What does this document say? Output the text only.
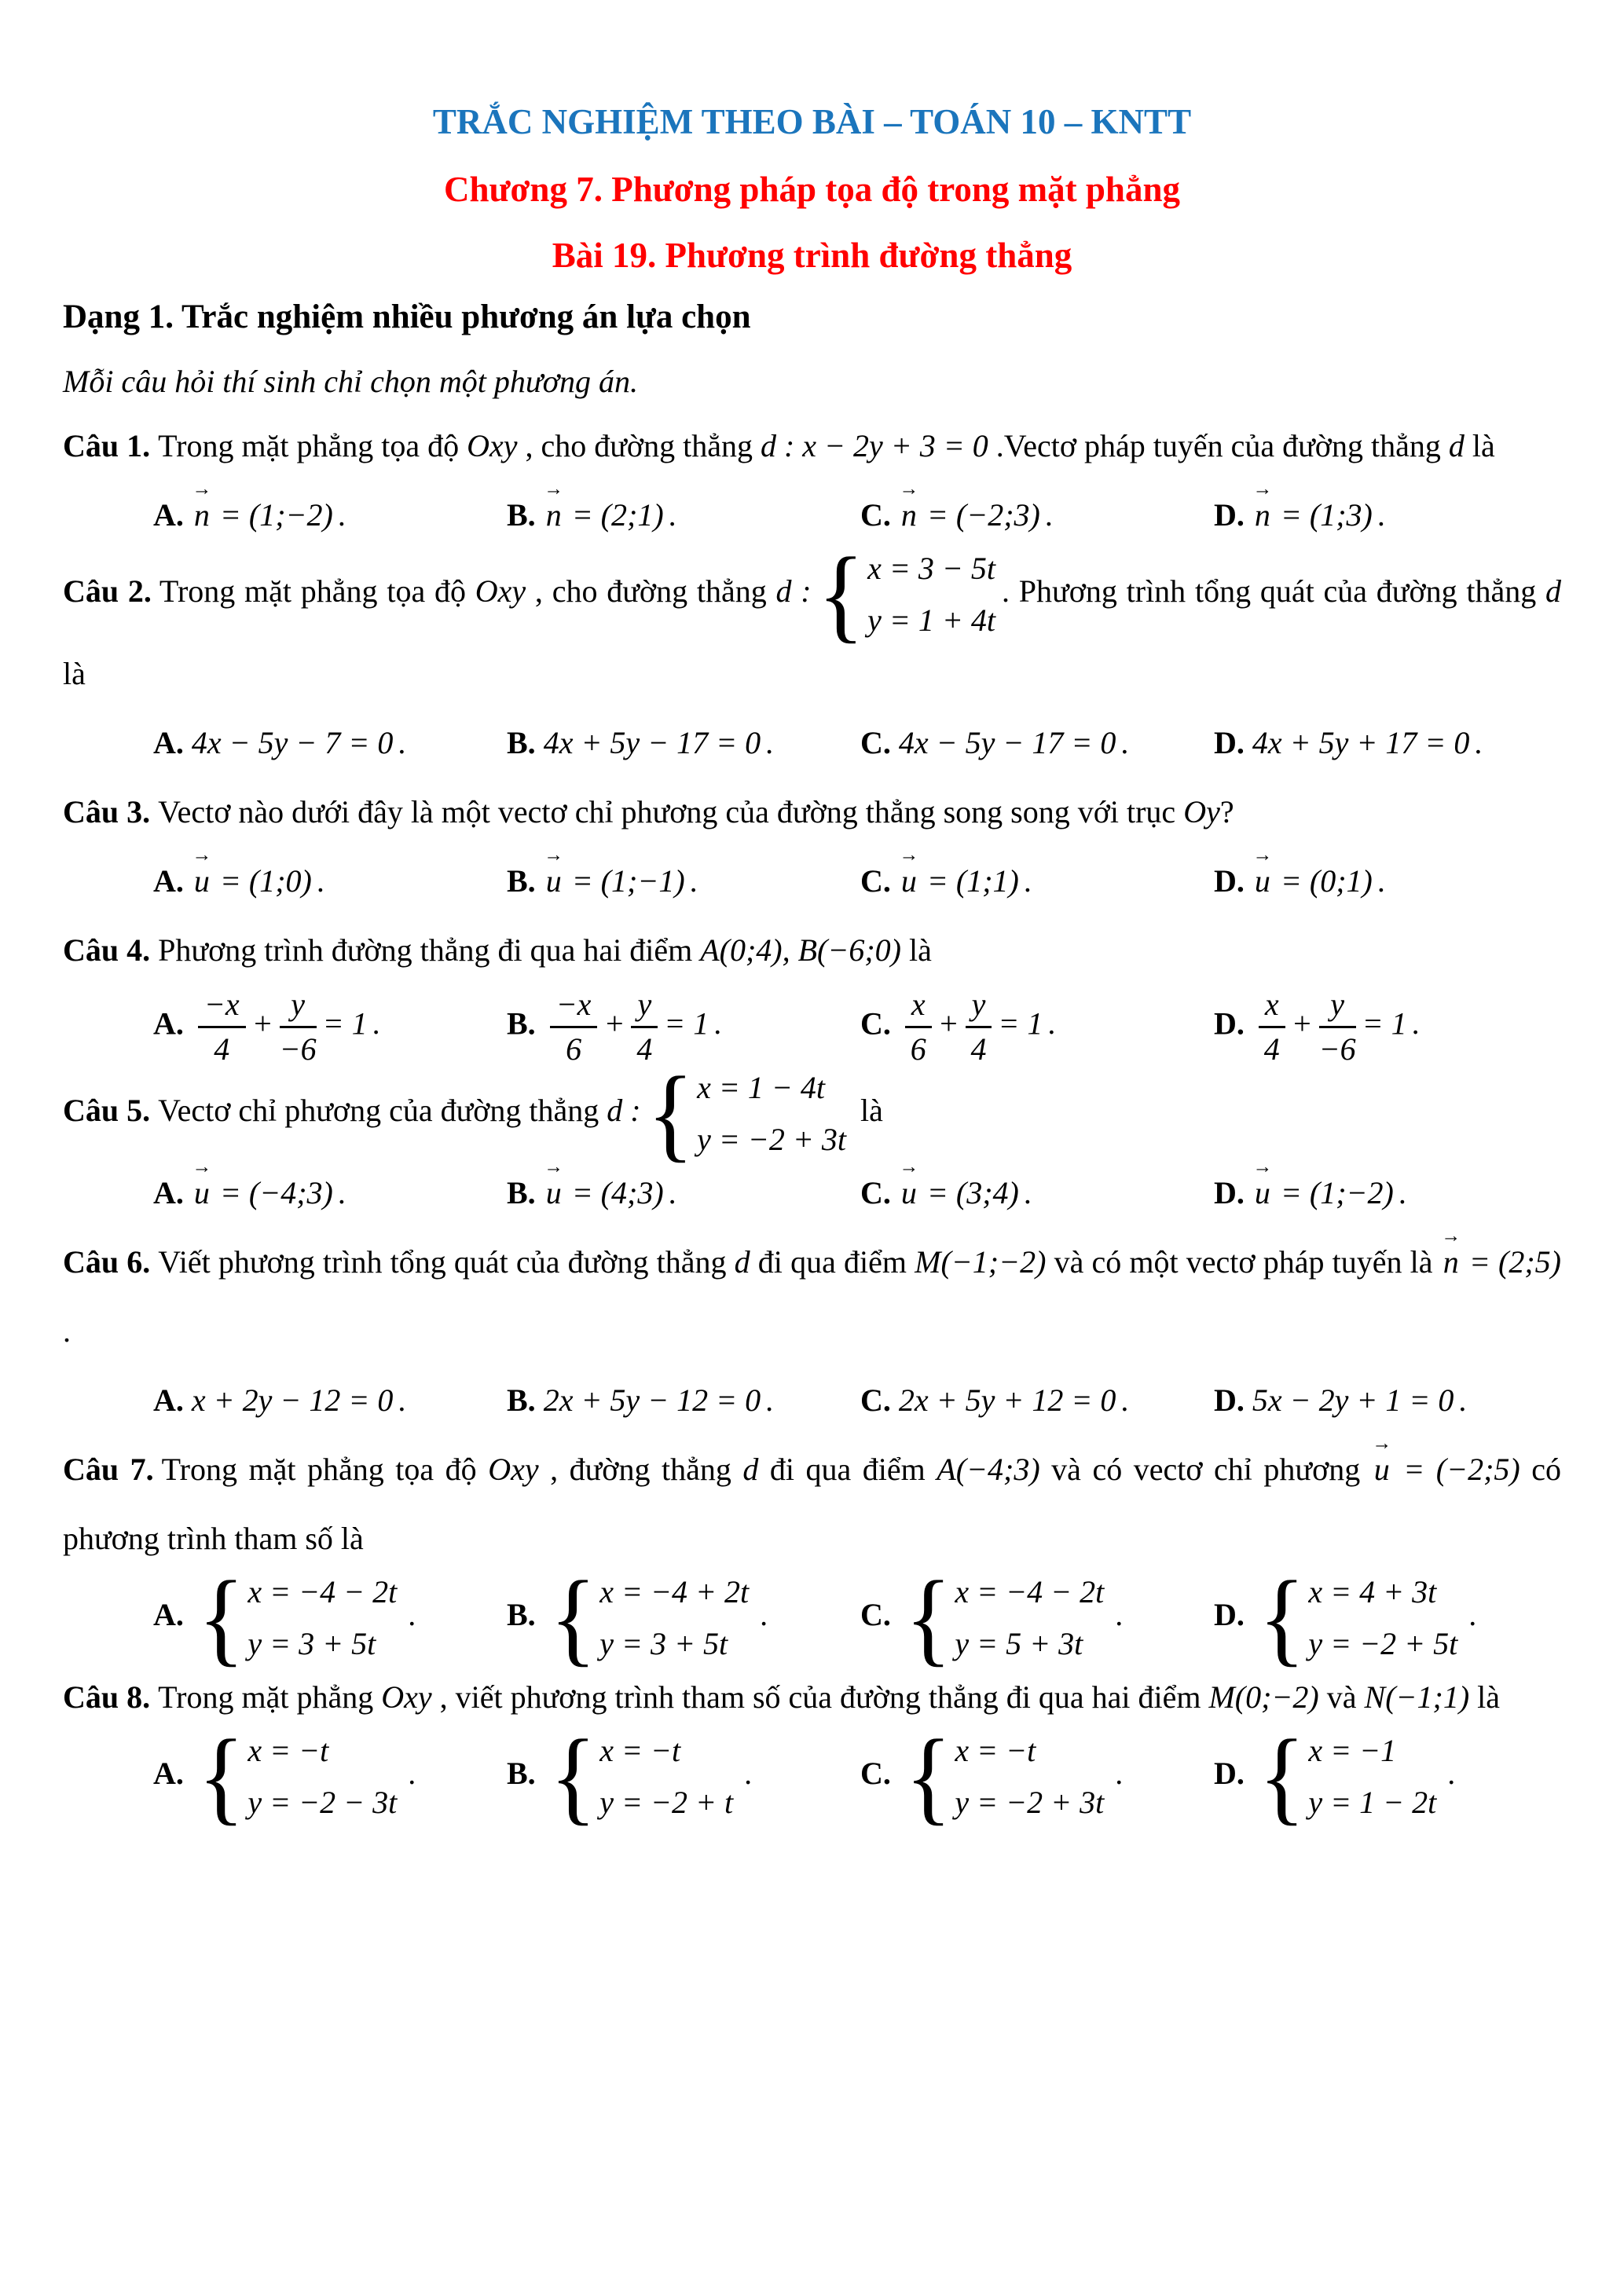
TRẮC NGHIỆM THEO BÀI – TOÁN 10 – KNTT
Chương 7. Phương pháp tọa độ trong mặt phẳng
Bài 19. Phương trình đường thẳng
Dạng 1. Trắc nghiệm nhiều phương án lựa chọn
Mỗi câu hỏi thí sinh chỉ chọn một phương án.

Câu 1. Trong mặt phẳng tọa độ Oxy , cho đường thẳng d : x − 2y + 3 = 0 .Vectơ pháp tuyến của đường thẳng d là

A. → n = (1;−2) .	B. → n = (2;1) .	C. → n = (−2;3) .	D. → n = (1;3) .

Câu 2. Trong mặt phẳng tọa độ Oxy , cho đường thẳng d :
{
x = 3 − 5t
y = 1 + 4t
. Phương trình tổng quát của đường thẳng d là

A. 4x − 5y − 7 = 0 .	B. 4x + 5y − 17 = 0 .	C. 4x − 5y − 17 = 0 .	D. 4x + 5y + 17 = 0 .

Câu 3. Vectơ nào dưới đây là một vectơ chỉ phương của đường thẳng song song với trục Oy?

A. → u = (1;0) .	B. → u = (1;−1) .	C. → u = (1;1) .	D. → u = (0;1) .

Câu 4. Phương trình đường thẳng đi qua hai điểm A(0;4), B(−6;0) là

A. $\frac{-x}{4} + \frac{y}{-6} = 1$ .	B. $\frac{-x}{6} + \frac{y}{4} = 1$ .	C. $\frac{x}{6} + \frac{y}{4} = 1$ .	D. $\frac{x}{4} + \frac{y}{-6} = 1$ .

Câu 5. Vectơ chỉ phương của đường thẳng d :
{
x = 1 − 4t
y = −2 + 3t
là

A. → u = (−4;3) .	B. → u = (4;3) .	C. → u = (3;4) .	D. → u = (1;−2) .

Câu 6. Viết phương trình tổng quát của đường thẳng d đi qua điểm M(−1;−2) và có một vectơ pháp tuyến là → n = (2;5) .

A. x + 2y − 12 = 0 .	B. 2x + 5y − 12 = 0 .	C. 2x + 5y + 12 = 0 .	D. 5x − 2y + 1 = 0 .

Câu 7. Trong mặt phẳng tọa độ Oxy , đường thẳng d đi qua điểm A(−4;3) và có vectơ chỉ phương → u = (−2;5) có phương trình tham số là

A.
{
x = −4 − 2t
y = 3 + 5t
.	B.
{
x = −4 + 2t
y = 3 + 5t
.	C.
{
x = −4 − 2t
y = 5 + 3t
.	D.
{
x = 4 + 3t
y = −2 + 5t
.

Câu 8. Trong mặt phẳng Oxy , viết phương trình tham số của đường thẳng đi qua hai điểm M(0;−2) và N(−1;1) là

A.
{
x = −t
y = −2 − 3t
.	B.
{
x = −t
y = −2 + t
.	C.
{
x = −t
y = −2 + 3t
.	D.
{
x = −1
y = 1 − 2t
.
